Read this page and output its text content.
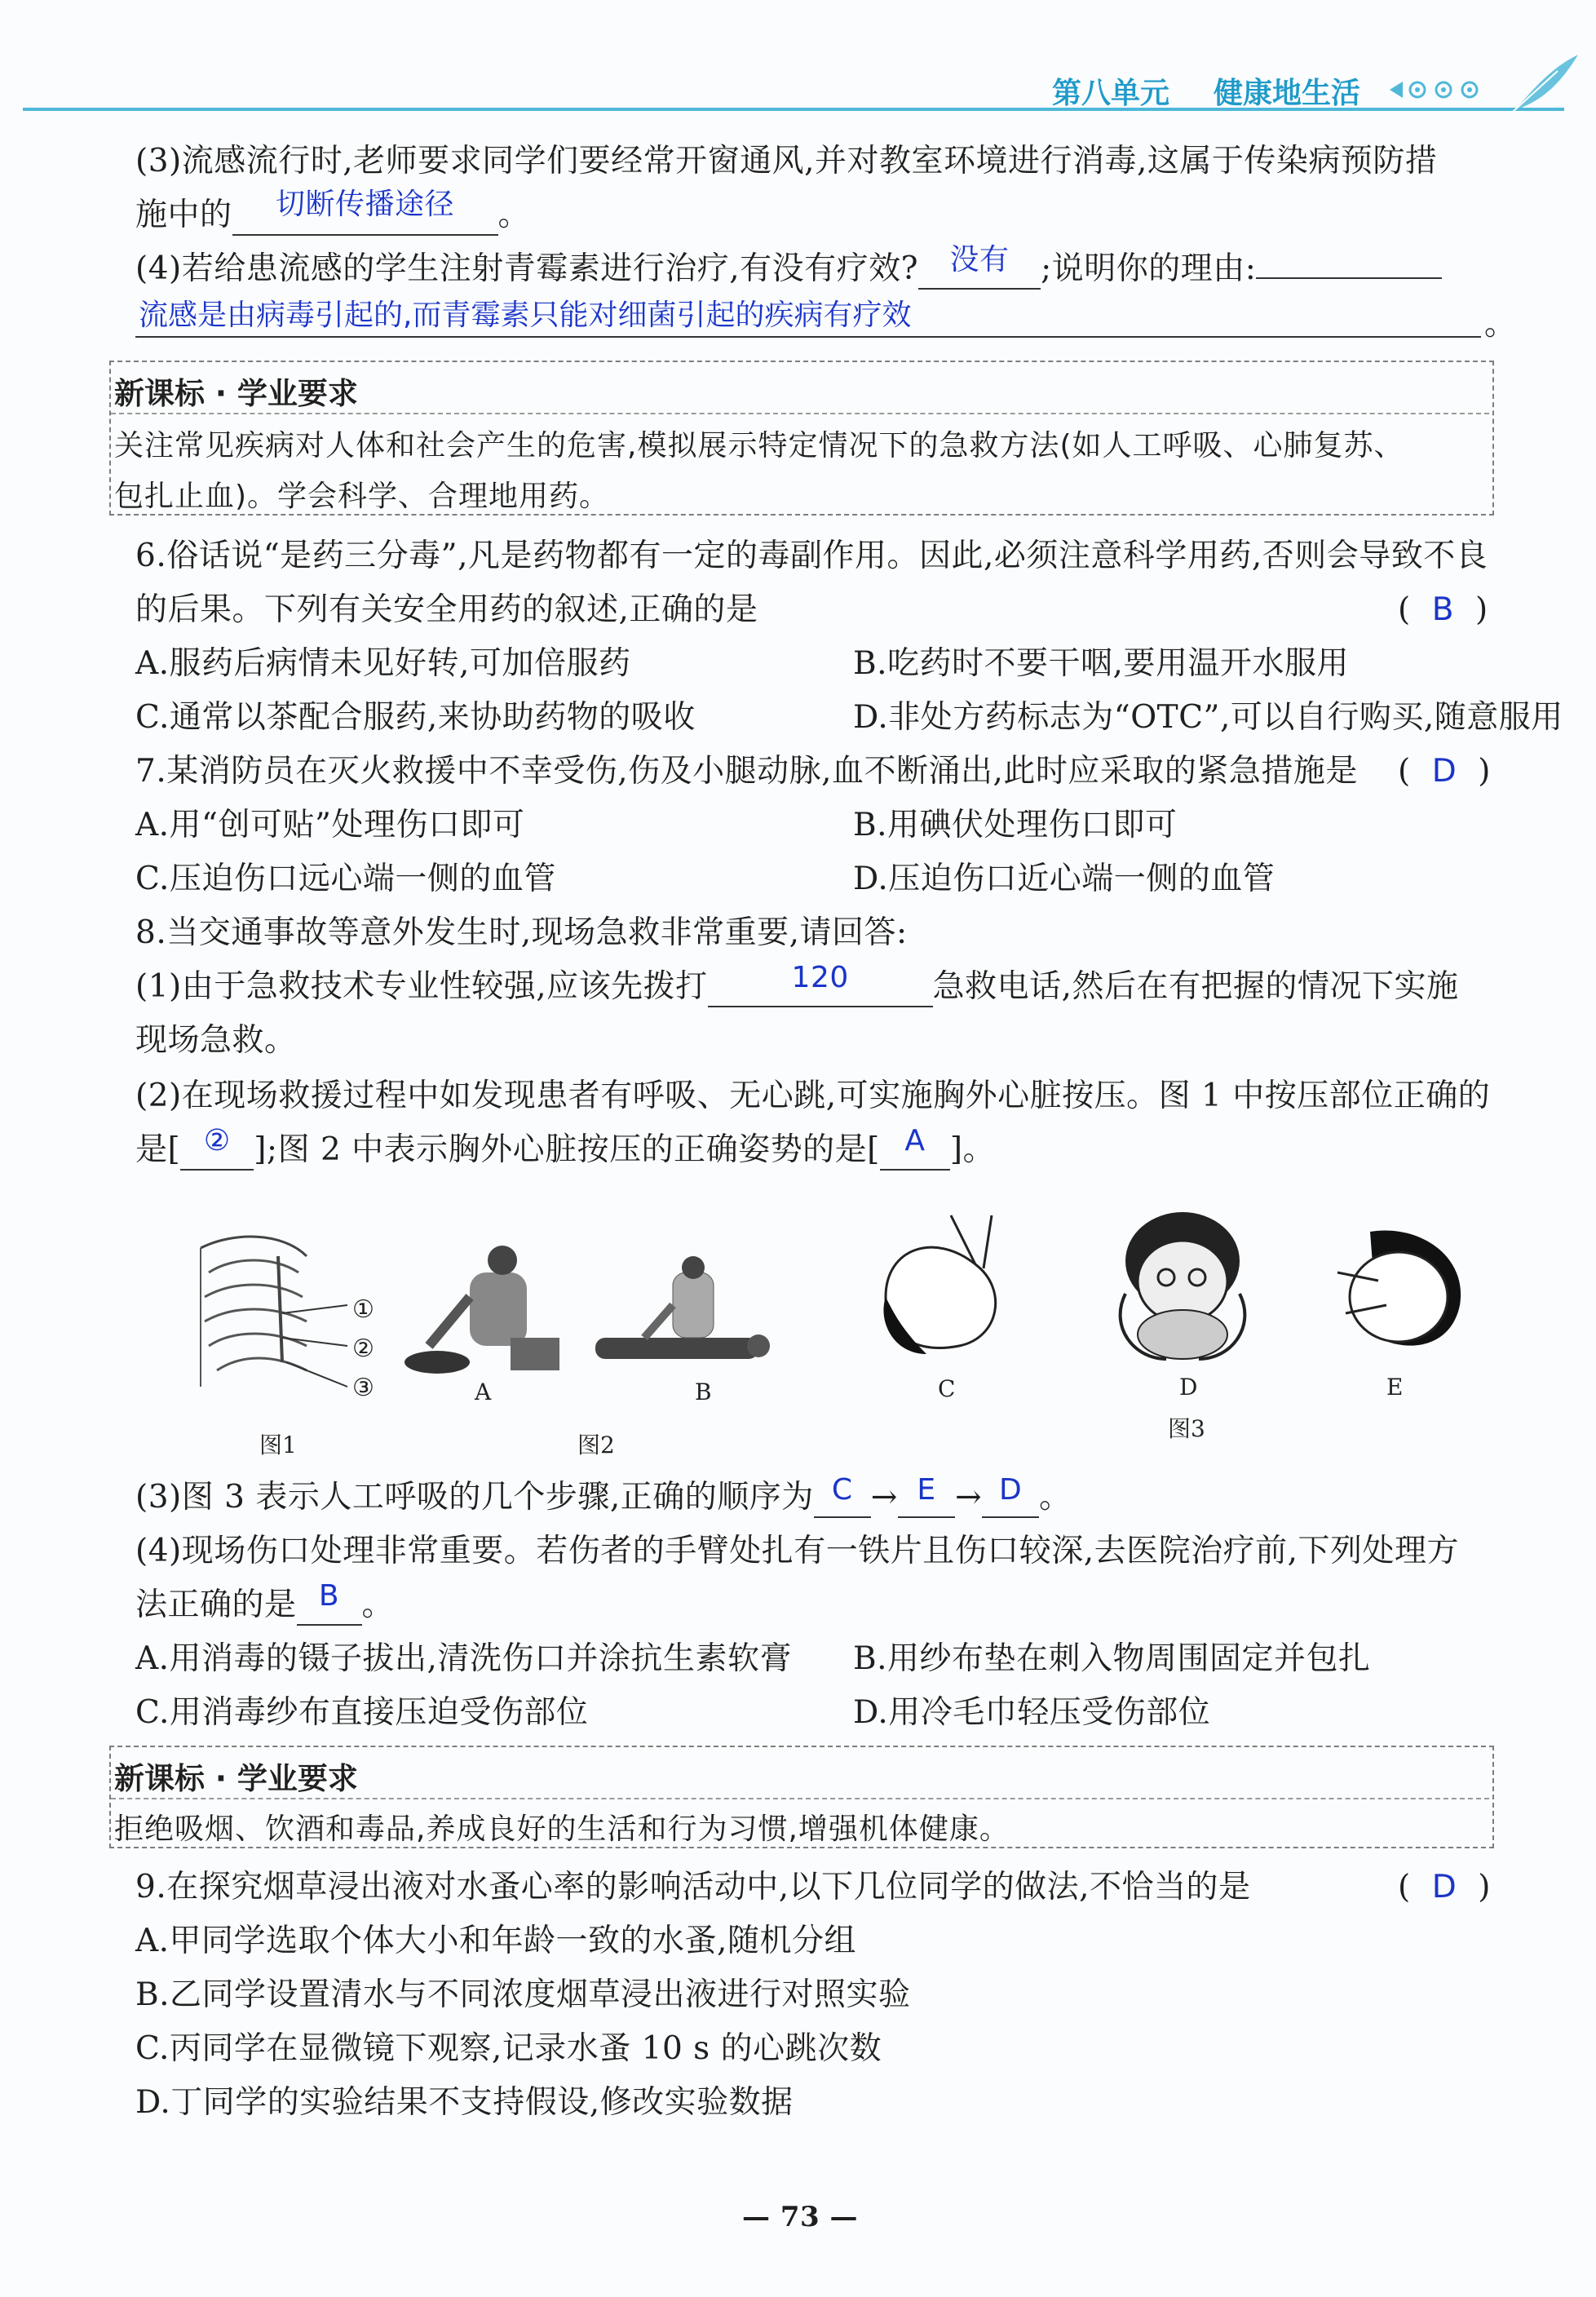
第八单元 健康地生活
(3)流感流行时,老师要求同学们要经常开窗通风,并对教室环境进行消毒,这属于传染病预防措
施中的 切断传播途径 。
(4)若给患流感的学生注射青霉素进行治疗,有没有疗效? 没有 ;说明你的理由:
流感是由病毒引起的,而青霉素只能对细菌引起的疾病有疗效	。
新课标 · 学业要求
关注常见疾病对人体和社会产生的危害,模拟展示特定情况下的急救方法(如人工呼吸、心肺复苏、
包扎止血)。学会科学、合理地用药。
6.俗话说“是药三分毒”,凡是药物都有一定的毒副作用。因此,必须注意科学用药,否则会导致不良
的后果。下列有关安全用药的叙述,正确的是	( B )
A.服药后病情未见好转,可加倍服药	B.吃药时不要干咽,要用温开水服用
C.通常以茶配合服药,来协助药物的吸收	D.非处方药标志为“OTC”,可以自行购买,随意服用
7.某消防员在灭火救援中不幸受伤,伤及小腿动脉,血不断涌出,此时应采取的紧急措施是 ( D )
A.用“创可贴”处理伤口即可	B.用碘伏处理伤口即可
C.压迫伤口远心端一侧的血管	D.压迫伤口近心端一侧的血管
8.当交通事故等意外发生时,现场急救非常重要,请回答:
(1)由于急救技术专业性较强,应该先拨打	120	急救电话,然后在有把握的情况下实施
现场急救。
(2)在现场救援过程中如发现患者有呼吸、无心跳,可实施胸外心脏按压。图 1 中按压部位正确的
是[ ② ];图 2 中表示胸外心脏按压的正确姿势的是[ A ]。
①
②
③	A	B	C	D	E
图1	图2
图3
(3)图 3 表示人工呼吸的几个步骤,正确的顺序为 C → E → D 。
(4)现场伤口处理非常重要。若伤者的手臂处扎有一铁片且伤口较深,去医院治疗前,下列处理方
法正确的是 B 。
A.用消毒的镊子拔出,清洗伤口并涂抗生素软膏 B.用纱布垫在刺入物周围固定并包扎
C.用消毒纱布直接压迫受伤部位	D.用冷毛巾轻压受伤部位
新课标 · 学业要求
拒绝吸烟、饮酒和毒品,养成良好的生活和行为习惯,增强机体健康。
9.在探究烟草浸出液对水蚤心率的影响活动中,以下几位同学的做法,不恰当的是	( D )
A.甲同学选取个体大小和年龄一致的水蚤,随机分组
B.乙同学设置清水与不同浓度烟草浸出液进行对照实验
C.丙同学在显微镜下观察,记录水蚤 10 s 的心跳次数
D.丁同学的实验结果不支持假设,修改实验数据
— 73 —
